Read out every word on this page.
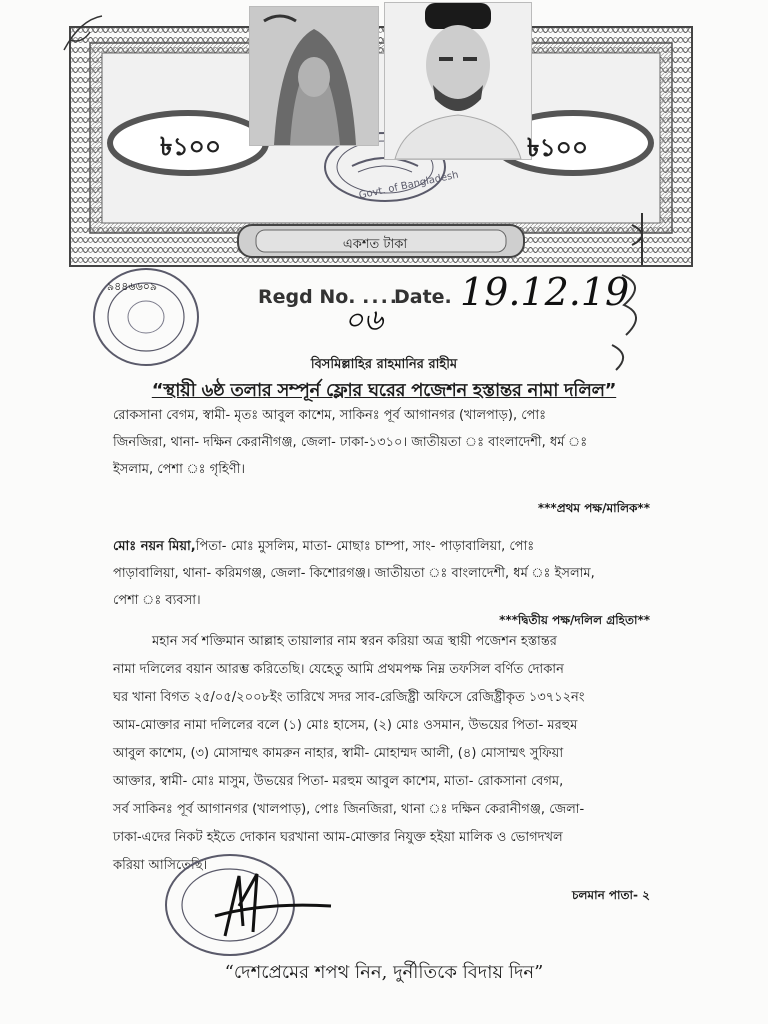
Govt. of Bangladesh
৳১০০	৳১০০
একশত টাকা
৯৪৪৬৬০৯	Regd No. ....
০৬
Date. 19.12.19
বিসমিল্লাহির রাহমানির রাহীম
“স্থায়ী ৬ষ্ঠ তলার সম্পূর্ন ফ্লোর ঘরের পজেশন হস্তান্তর নামা দলিল”
রোকসানা বেগম, স্বামী- মৃতঃ আবুল কাশেম, সাকিনঃ পূর্ব আগানগর (খালপাড়), পোঃ
জিনজিরা, থানা- দক্ষিন কেরানীগঞ্জ, জেলা- ঢাকা-১৩১০। জাতীয়তা ঃ বাংলাদেশী, ধর্ম ঃ
ইসলাম, পেশা ঃ গৃহিণী।
***প্রথম পক্ষ/মালিক**
মোঃ নয়ন মিয়া,পিতা- মোঃ মুসলিম, মাতা- মোছাঃ চাম্পা, সাং- পাড়াবালিয়া, পোঃ
পাড়াবালিয়া, থানা- করিমগঞ্জ, জেলা- কিশোরগঞ্জ। জাতীয়তা ঃ বাংলাদেশী, ধর্ম ঃ ইসলাম,
পেশা ঃ ব্যবসা।
***দ্বিতীয় পক্ষ/দলিল গ্রহিতা**
মহান সর্ব শক্তিমান আল্লাহ তায়ালার নাম স্বরন করিয়া অত্র স্থায়ী পজেশন হস্তান্তর
নামা দলিলের বয়ান আরম্ভ করিতেছি। যেহেতু আমি প্রথমপক্ষ নিম্ন তফসিল বর্ণিত দোকান
ঘর খানা বিগত ২৫/০৫/২০০৮ইং তারিখে সদর সাব-রেজিষ্ট্রী অফিসে রেজিষ্ট্রীকৃত ১৩৭১২নং
আম-মোক্তার নামা দলিলের বলে (১) মোঃ হাসেম, (২) মোঃ ওসমান, উভয়ের পিতা- মরহুম
আবুল কাশেম, (৩) মোসাম্মৎ কামরুন নাহার, স্বামী- মোহাম্মদ আলী, (৪) মোসাম্মৎ সুফিয়া
আক্তার, স্বামী- মোঃ মাসুম, উভয়ের পিতা- মরহুম আবুল কাশেম, মাতা- রোকসানা বেগম,
সর্ব সাকিনঃ পূর্ব আগানগর (খালপাড়), পোঃ জিনজিরা, থানা ঃ দক্ষিন কেরানীগঞ্জ, জেলা-
ঢাকা-এদের নিকট হইতে দোকান ঘরখানা আম-মোক্তার নিযুক্ত হইয়া মালিক ও ভোগদখল
করিয়া আসিতেছি।
চলমান পাতা- ২
“দেশপ্রেমের শপথ নিন, দুর্নীতিকে বিদায় দিন”
